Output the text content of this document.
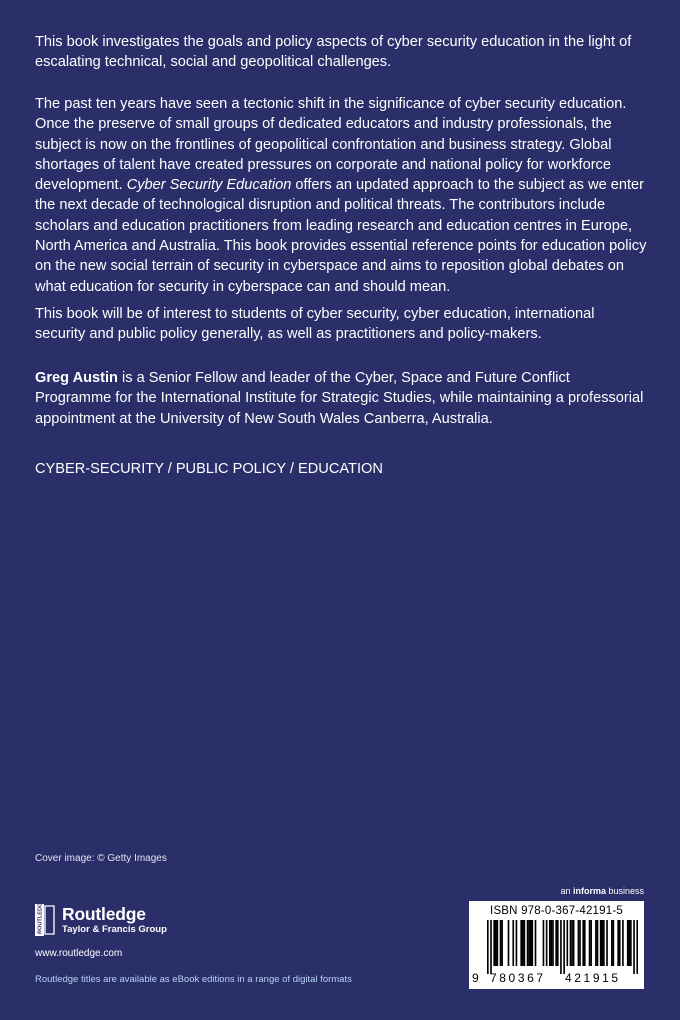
This book investigates the goals and policy aspects of cyber security education in the light of escalating technical, social and geopolitical challenges.

The past ten years have seen a tectonic shift in the significance of cyber security education. Once the preserve of small groups of dedicated educators and industry professionals, the subject is now on the frontlines of geopolitical confrontation and business strategy. Global shortages of talent have created pressures on corporate and national policy for workforce development. Cyber Security Education offers an updated approach to the subject as we enter the next decade of technological disruption and political threats. The contributors include scholars and education practitioners from leading research and education centres in Europe, North America and Australia. This book provides essential reference points for education policy on the new social terrain of security in cyberspace and aims to reposition global debates on what education for security in cyberspace can and should mean.

This book will be of interest to students of cyber security, cyber education, international security and public policy generally, as well as practitioners and policy-makers.

Greg Austin is a Senior Fellow and leader of the Cyber, Space and Future Conflict Programme for the International Institute for Strategic Studies, while maintaining a professorial appointment at the University of New South Wales Canberra, Australia.

CYBER-SECURITY / PUBLIC POLICY / EDUCATION

Cover image: © Getty Images
ROUTLEDGE Routledge
Taylor & Francis Group
www.routledge.com
Routledge titles are available as eBook editions in a range of digital formats
an informa business
ISBN 978-0-367-42191-5
9 780367 421915
